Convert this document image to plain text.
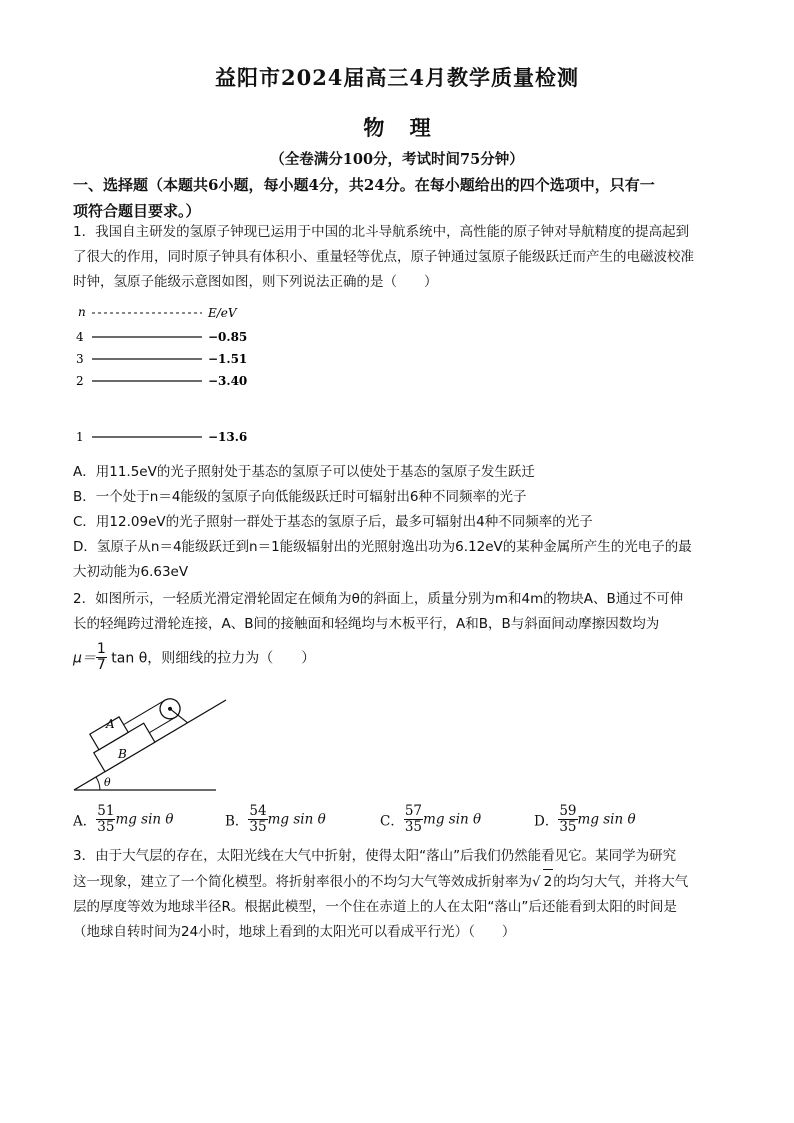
益阳市2024届高三4月教学质量检测
物 理
（全卷满分100分，考试时间75分钟）
一、选择题（本题共6小题，每小题4分，共24分。在每小题给出的四个选项中，只有一
项符合题目要求。）
1．我国自主研发的氢原子钟现已运用于中国的北斗导航系统中，高性能的原子钟对导航精度的提高起到
了很大的作用，同时原子钟具有体积小、重量轻等优点，原子钟通过氢原子能级跃迁而产生的电磁波校准
时钟，氢原子能级示意图如图，则下列说法正确的是（　　）
n	E/eV
4	−0.85
3	−1.51
2	−3.40
1	−13.6
A．用11.5eV的光子照射处于基态的氢原子可以使处于基态的氢原子发生跃迁
B．一个处于n＝4能级的氢原子向低能级跃迁时可辐射出6种不同频率的光子
C．用12.09eV的光子照射一群处于基态的氢原子后，最多可辐射出4种不同频率的光子
D．氢原子从n＝4能级跃迁到n＝1能级辐射出的光照射逸出功为6.12eV的某种金属所产生的光电子的最
大初动能为6.63eV
2．如图所示，一轻质光滑定滑轮固定在倾角为θ的斜面上，质量分别为m和4m的物块A、B通过不可伸
长的轻绳跨过滑轮连接，A、B间的接触面和轻绳均与木板平行，A和B，B与斜面间动摩擦因数均为
$\mu= \frac{1}{7}$ tan θ，则细线的拉力为（　　）
θ
A
B
A． $\frac{51}{35}$ mg sin θ	B． $\frac{54}{35}$ mg sin θ	C． $\frac{57}{35}$ mg sin θ	D． $\frac{59}{35}$ mg sin θ
3．由于大气层的存在，太阳光线在大气中折射，使得太阳“落山”后我们仍然能看见它。某同学为研究
这一现象，建立了一个简化模型。将折射率很小的不均匀大气等效成折射率为√ 2的均匀大气，并将大气
层的厚度等效为地球半径R。根据此模型，一个住在赤道上的人在太阳“落山”后还能看到太阳的时间是
（地球自转时间为24小时，地球上看到的太阳光可以看成平行光）（　　）
